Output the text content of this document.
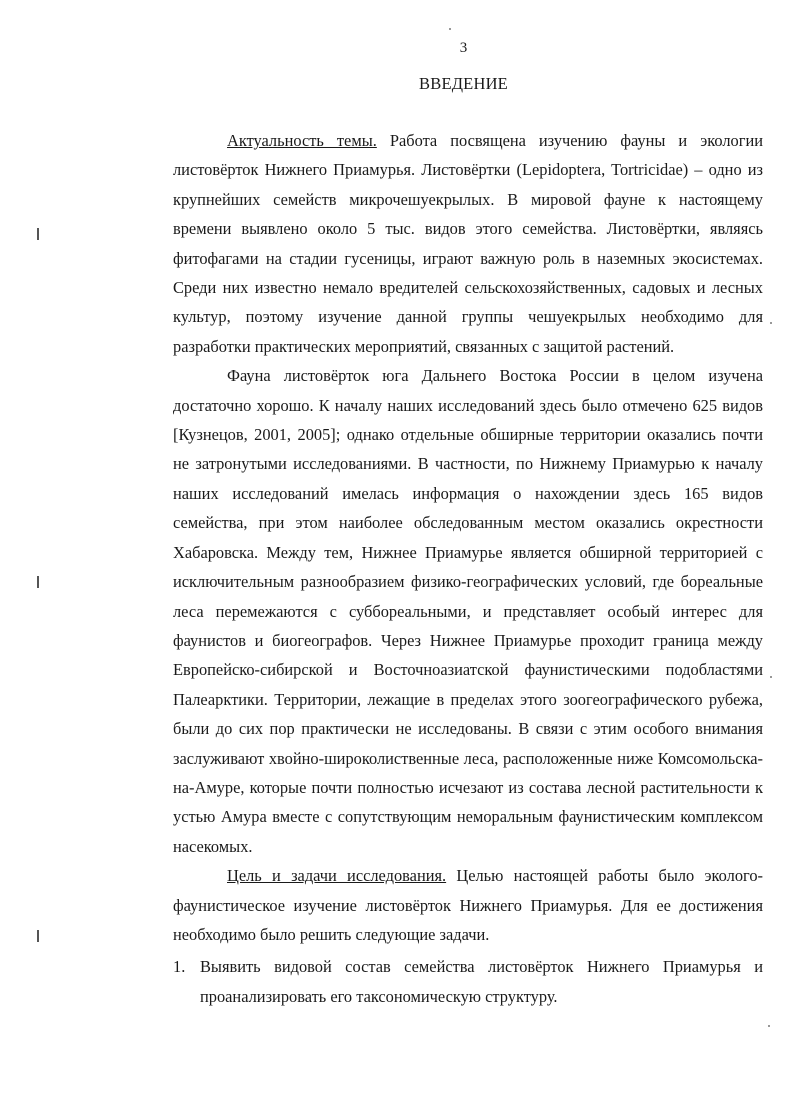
3
ВВЕДЕНИЕ

Актуальность темы. Работа посвящена изучению фауны и экологии листовёрток Нижнего Приамурья. Листовёртки (Lepidoptera, Tortricidae) – одно из крупнейших семейств микрочешуекрылых. В мировой фауне к настоящему времени выявлено около 5 тыс. видов этого семейства. Листовёртки, являясь фитофагами на стадии гусеницы, играют важную роль в наземных экосистемах. Среди них известно немало вредителей сельскохозяйственных, садовых и лесных культур, поэтому изучение данной группы чешуекрылых необходимо для разработки практических мероприятий, связанных с защитой растений.

Фауна листовёрток юга Дальнего Востока России в целом изучена достаточно хорошо. К началу наших исследований здесь было отмечено 625 видов [Кузнецов, 2001, 2005]; однако отдельные обширные территории оказались почти не затронутыми исследованиями. В частности, по Нижнему Приамурью к началу наших исследований имелась информация о нахождении здесь 165 видов семейства, при этом наиболее обследованным местом оказались окрестности Хабаровска. Между тем, Нижнее Приамурье является обширной территорией с исключительным разнообразием физико-географических условий, где бореальные леса перемежаются с суббореальными, и представляет особый интерес для фаунистов и биогеографов. Через Нижнее Приамурье проходит граница между Европейско-сибирской и Восточноазиатской фаунистическими подобластями Палеарктики. Территории, лежащие в пределах этого зоогеографического рубежа, были до сих пор практически не исследованы. В связи с этим особого внимания заслуживают хвойно-широколиственные леса, расположенные ниже Комсомольска-на-Амуре, которые почти полностью исчезают из состава лесной растительности к устью Амура вместе с сопутствующим неморальным фаунистическим комплексом насекомых.

Цель и задачи исследования. Целью настоящей работы было эколого-фаунистическое изучение листовёрток Нижнего Приамурья. Для ее достижения необходимо было решить следующие задачи.

1. Выявить видовой состав семейства листовёрток Нижнего Приамурья и проанализировать его таксономическую структуру.
